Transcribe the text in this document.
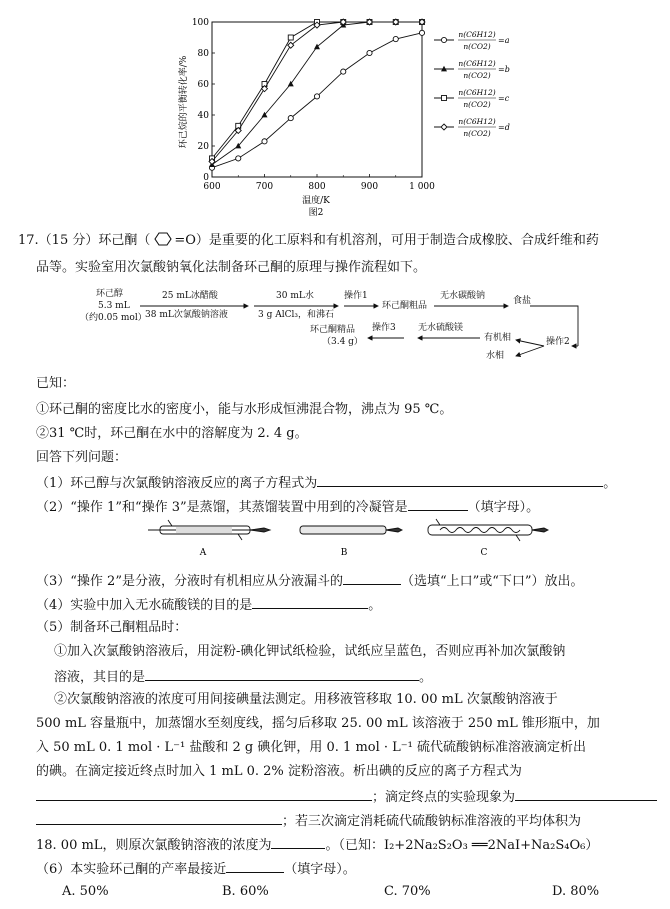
0
20
40
60
80
100
600	700	800	900	1 000
环己烷的平衡转化率/%
温度/K
图2
n(C6H12)
n(CO2)
=a
n(C6H12)
n(CO2)
=b
n(C6H12)
n(CO2)
=c
n(C6H12)
n(CO2)
=d
17.（15 分）环己酮（ =O）是重要的化工原料和有机溶剂，可用于制造合成橡胶、合成纤维和药
品等。实验室用次氯酸钠氧化法制备环己酮的原理与操作流程如下。
环己醇
5.3 mL
（约0.05 mol）
25 mL冰醋酸
38 mL次氯酸钠溶液
30 mL水
3 g AlCl₃，和沸石
操作1
环己酮粗品
无水碳酸钠	食盐
环己酮精品
（3.4 g）
操作3 无水硫酸镁
有机相	操作2
水相
已知：
①环己酮的密度比水的密度小，能与水形成恒沸混合物，沸点为 95 ℃。
②31 ℃时，环己酮在水中的溶解度为 2. 4 g。
回答下列问题：
（1）环己醇与次氯酸钠溶液反应的离子方程式为	。
（2）“操作 1”和“操作 3”是蒸馏，其蒸馏装置中用到的冷凝管是	（填字母）。
A	B	C
（3）“操作 2”是分液，分液时有机相应从分液漏斗的	（选填“上口”或“下口”）放出。
（4）实验中加入无水硫酸镁的目的是	。
（5）制备环己酮粗品时：
①加入次氯酸钠溶液后，用淀粉-碘化钾试纸检验，试纸应呈蓝色，否则应再补加次氯酸钠
溶液，其目的是	。
②次氯酸钠溶液的浓度可用间接碘量法测定。用移液管移取 10. 00 mL 次氯酸钠溶液于
500 mL 容量瓶中，加蒸馏水至刻度线，摇匀后移取 25. 00 mL 该溶液于 250 mL 锥形瓶中，加
入 50 mL 0. 1 mol · L⁻¹ 盐酸和 2 g 碘化钾，用 0. 1 mol · L⁻¹ 硫代硫酸钠标准溶液滴定析出
的碘。在滴定接近终点时加入 1 mL 0. 2% 淀粉溶液。析出碘的反应的离子方程式为
；滴定终点的实验现象为
；若三次滴定消耗硫代硫酸钠标准溶液的平均体积为
18. 00 mL，则原次氯酸钠溶液的浓度为	。（已知：I₂+2Na₂S₂O₃ ══2NaI+Na₂S₄O₆）
（6）本实验环己酮的产率最接近	（填字母）。
A. 50%	B. 60%	C. 70%	D. 80%
